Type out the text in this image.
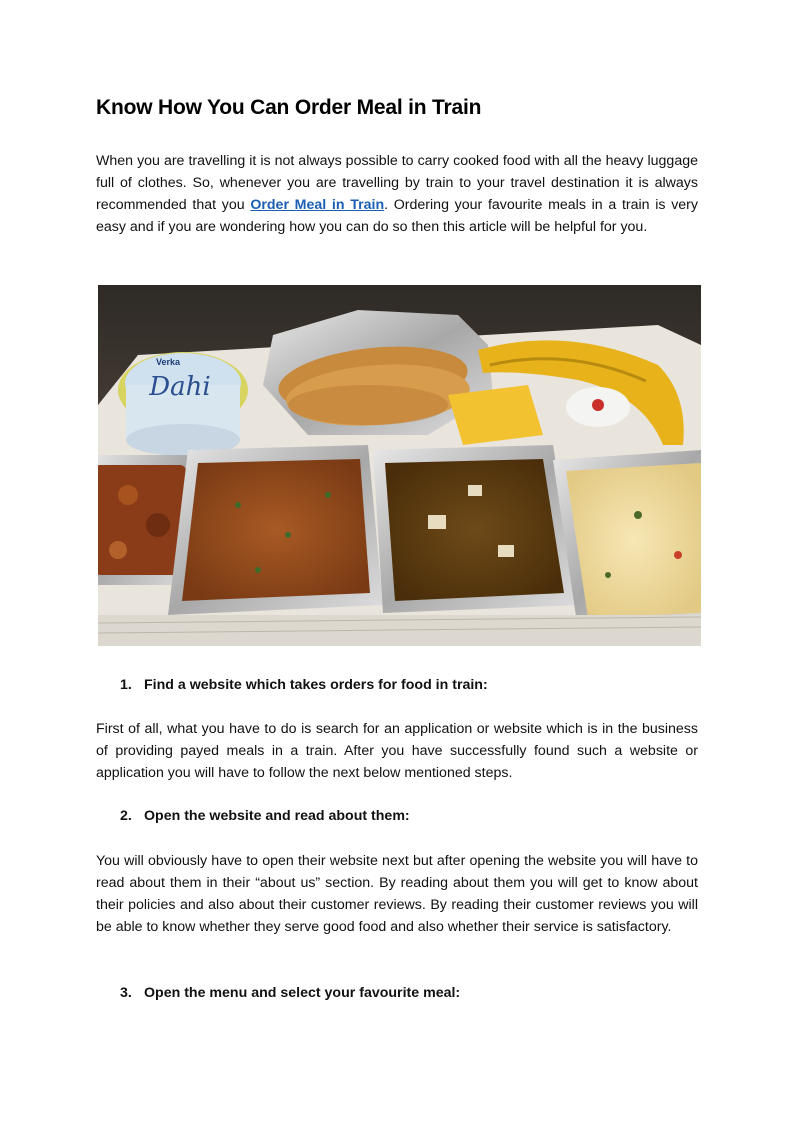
Know How You Can Order Meal in Train

When you are travelling it is not always possible to carry cooked food with all the heavy luggage full of clothes. So, whenever you are travelling by train to your travel destination it is always recommended that you Order Meal in Train. Ordering your favourite meals in a train is very easy and if you are wondering how you can do so then this article will be helpful for you.

Dahi
Verka
1. Find a website which takes orders for food in train:

First of all, what you have to do is search for an application or website which is in the business of providing payed meals in a train. After you have successfully found such a website or application you will have to follow the next below mentioned steps.

2. Open the website and read about them:

You will obviously have to open their website next but after opening the website you will have to read about them in their “about us” section. By reading about them you will get to know about their policies and also about their customer reviews. By reading their customer reviews you will be able to know whether they serve good food and also whether their service is satisfactory.

3. Open the menu and select your favourite meal:
